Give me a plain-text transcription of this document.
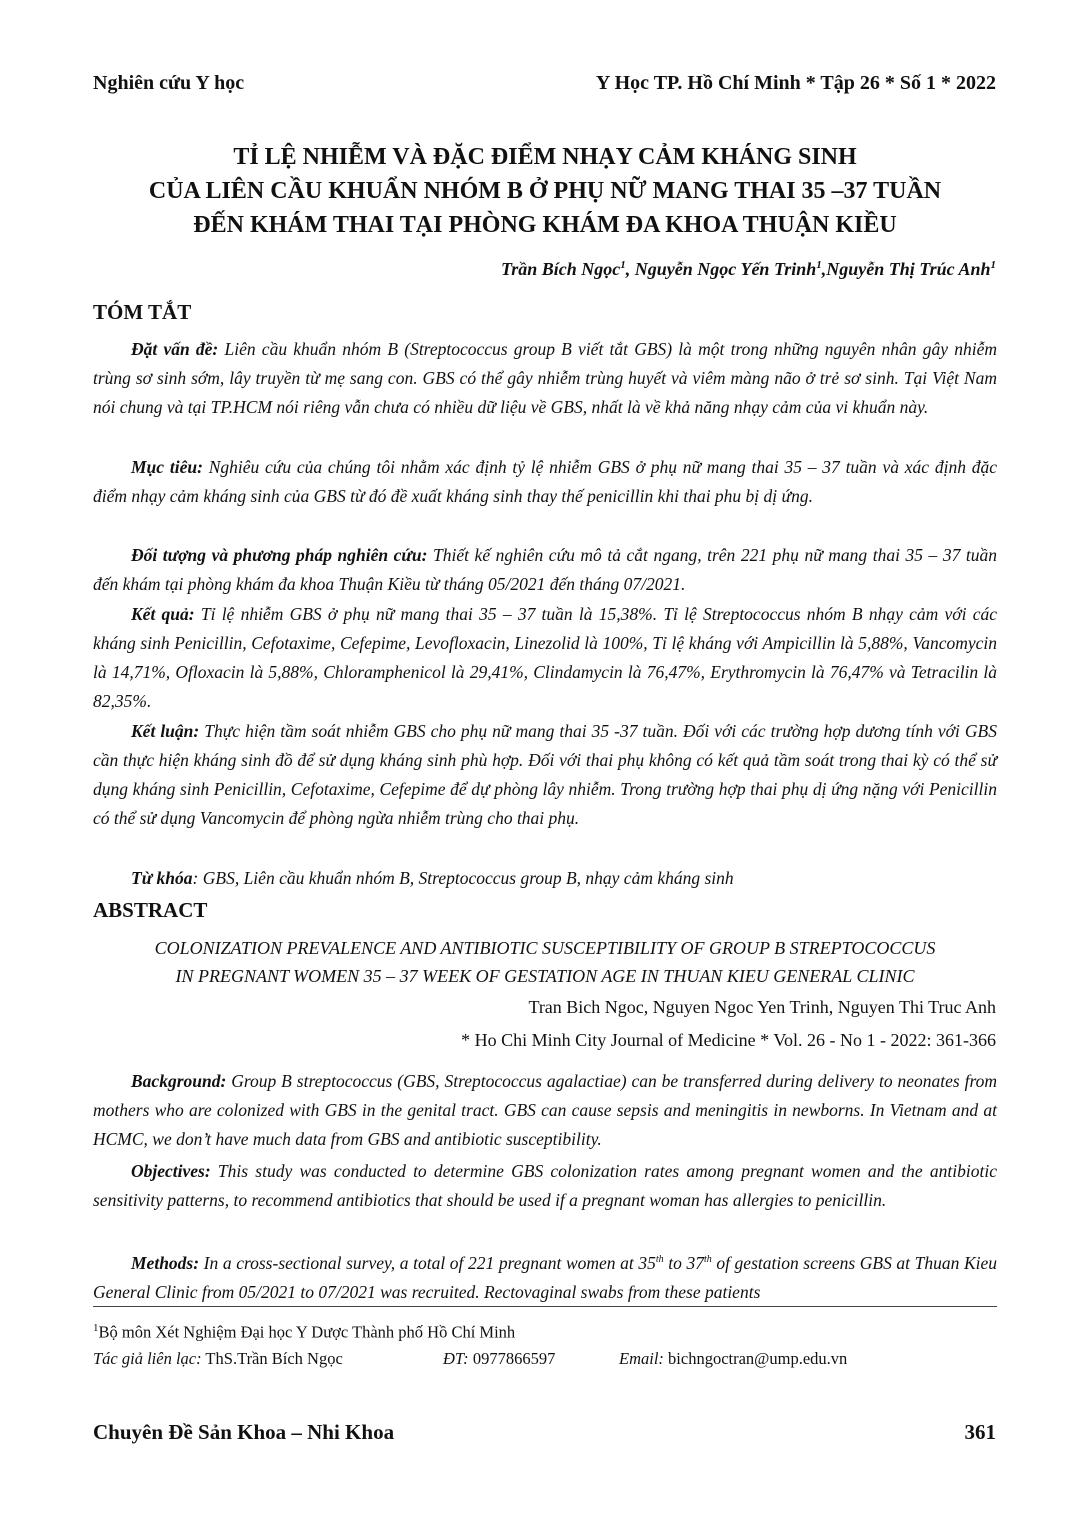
Nghiên cứu Y học	Y Học TP. Hồ Chí Minh * Tập 26 * Số 1 * 2022
TỈ LỆ NHIỄM VÀ ĐẶC ĐIỂM NHẠY CẢM KHÁNG SINH
CỦA LIÊN CẦU KHUẨN NHÓM B Ở PHỤ NỮ MANG THAI 35 –37 TUẦN
ĐẾN KHÁM THAI TẠI PHÒNG KHÁM ĐA KHOA THUẬN KIỀU
Trần Bích Ngọc$^1$, Nguyễn Ngọc Yến Trinh$^1$,Nguyễn Thị Trúc Anh$^1$
TÓM TẮT

Đặt vấn đề: Liên cầu khuẩn nhóm B (Streptococcus group B viết tắt GBS) là một trong những nguyên nhân gây nhiễm trùng sơ sinh sớm, lây truyền từ mẹ sang con. GBS có thể gây nhiễm trùng huyết và viêm màng não ở trẻ sơ sinh. Tại Việt Nam nói chung và tại TP.HCM nói riêng vẫn chưa có nhiều dữ liệu về GBS, nhất là về khả năng nhạy cảm của vi khuẩn này.

Mục tiêu: Nghiêu cứu của chúng tôi nhằm xác định tỷ lệ nhiễm GBS ở phụ nữ mang thai 35 – 37 tuần và xác định đặc điểm nhạy cảm kháng sinh của GBS từ đó đề xuất kháng sinh thay thế penicillin khi thai phu bị dị ứng.

Đối tượng và phương pháp nghiên cứu: Thiết kế nghiên cứu mô tả cắt ngang, trên 221 phụ nữ mang thai 35 – 37 tuần đến khám tại phòng khám đa khoa Thuận Kiều từ tháng 05/2021 đến tháng 07/2021.

Kết quả: Tỉ lệ nhiễm GBS ở phụ nữ mang thai 35 – 37 tuần là 15,38%. Tỉ lệ Streptococcus nhóm B nhạy cảm với các kháng sinh Penicillin, Cefotaxime, Cefepime, Levofloxacin, Linezolid là 100%, Tỉ lệ kháng với Ampicillin là 5,88%, Vancomycin là 14,71%, Ofloxacin là 5,88%, Chloramphenicol là 29,41%, Clindamycin là 76,47%, Erythromycin là 76,47% và Tetracilin là 82,35%.

Kết luận: Thực hiện tầm soát nhiễm GBS cho phụ nữ mang thai 35 -37 tuần. Đối với các trường hợp dương tính với GBS cần thực hiện kháng sinh đồ để sử dụng kháng sinh phù hợp. Đối với thai phụ không có kết quả tầm soát trong thai kỳ có thể sử dụng kháng sinh Penicillin, Cefotaxime, Cefepime để dự phòng lây nhiễm. Trong trường hợp thai phụ dị ứng nặng với Penicillin có thể sử dụng Vancomycin để phòng ngừa nhiễm trùng cho thai phụ.

Từ khóa: GBS, Liên cầu khuẩn nhóm B, Streptococcus group B, nhạy cảm kháng sinh

ABSTRACT

COLONIZATION PREVALENCE AND ANTIBIOTIC SUSCEPTIBILITY OF GROUP B STREPTOCOCCUS
IN PREGNANT WOMEN 35 – 37 WEEK OF GESTATION AGE IN THUAN KIEU GENERAL CLINIC

Tran Bich Ngoc, Nguyen Ngoc Yen Trinh, Nguyen Thi Truc Anh
* Ho Chi Minh City Journal of Medicine * Vol. 26 - No 1 - 2022: 361-366

Background: Group B streptococcus (GBS, Streptococcus agalactiae) can be transferred during delivery to neonates from mothers who are colonized with GBS in the genital tract. GBS can cause sepsis and meningitis in newborns. In Vietnam and at HCMC, we don’t have much data from GBS and antibiotic susceptibility.

Objectives: This study was conducted to determine GBS colonization rates among pregnant women and the antibiotic sensitivity patterns, to recommend antibiotics that should be used if a pregnant woman has allergies to penicillin.

Methods: In a cross-sectional survey, a total of 221 pregnant women at 35th to 37th of gestation screens GBS at Thuan Kieu General Clinic from 05/2021 to 07/2021 was recruited. Rectovaginal swabs from these patients

$^1$Bộ môn Xét Nghiệm Đại học Y Dược Thành phố Hồ Chí Minh
Tác giả liên lạc: ThS.Trần Bích Ngọc	ĐT: 0977866597	Email: bichngoctran@ump.edu.vn
Chuyên Đề Sản Khoa – Nhi Khoa	361
